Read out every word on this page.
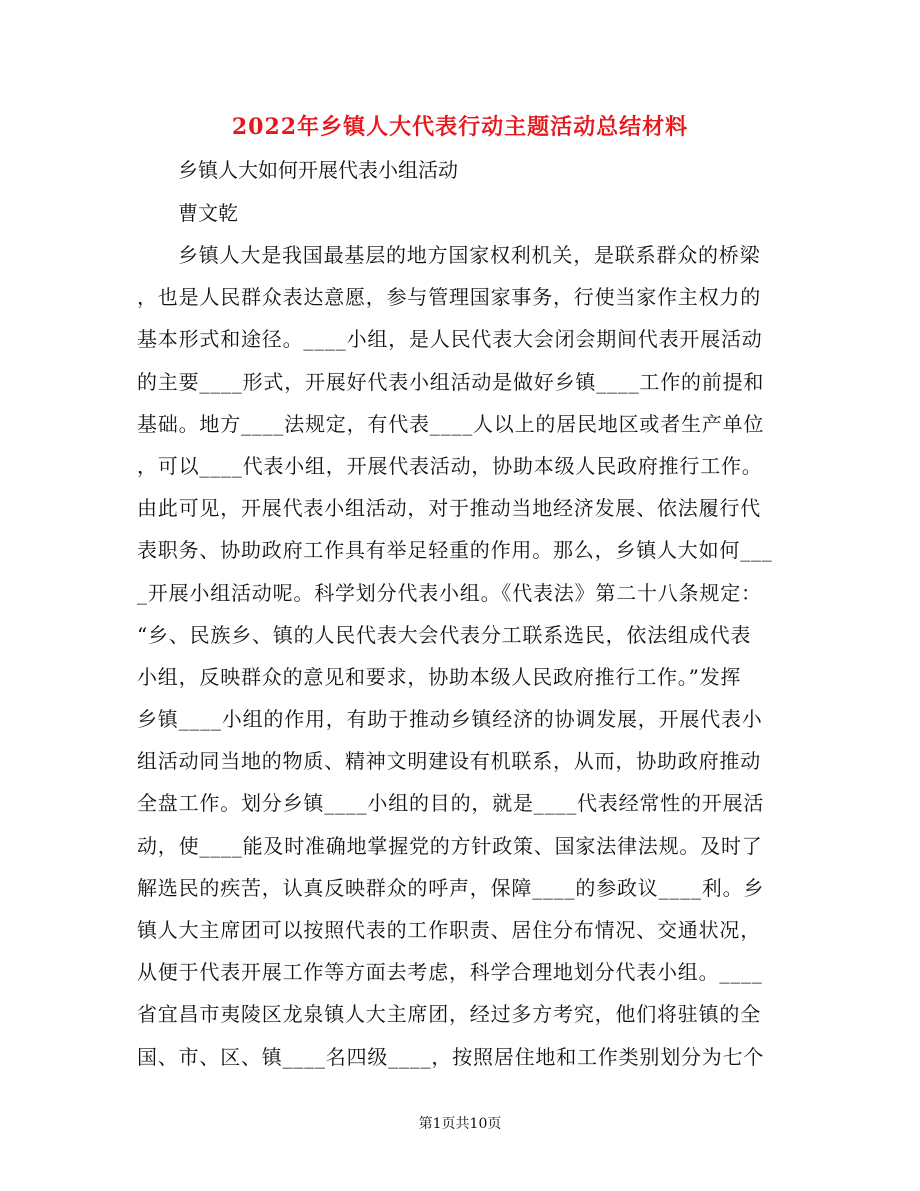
2022年乡镇人大代表行动主题活动总结材料
乡镇人大如何开展代表小组活动
曹文乾
乡镇人大是我国最基层的地方国家权利机关，是联系群众的桥梁
，也是人民群众表达意愿，参与管理国家事务，行使当家作主权力的
基本形式和途径。____小组，是人民代表大会闭会期间代表开展活动
的主要____形式，开展好代表小组活动是做好乡镇____工作的前提和
基础。地方____法规定，有代表____人以上的居民地区或者生产单位
，可以____代表小组，开展代表活动，协助本级人民政府推行工作。
由此可见，开展代表小组活动，对于推动当地经济发展、依法履行代
表职务、协助政府工作具有举足轻重的作用。那么，乡镇人大如何___
_开展小组活动呢。科学划分代表小组。《代表法》第二十八条规定：
“乡、民族乡、镇的人民代表大会代表分工联系选民，依法组成代表
小组，反映群众的意见和要求，协助本级人民政府推行工作。”发挥
乡镇____小组的作用，有助于推动乡镇经济的协调发展，开展代表小
组活动同当地的物质、精神文明建设有机联系，从而，协助政府推动
全盘工作。划分乡镇____小组的目的，就是____代表经常性的开展活
动，使____能及时准确地掌握党的方针政策、国家法律法规。及时了
解选民的疾苦，认真反映群众的呼声，保障____的参政议____利。乡
镇人大主席团可以按照代表的工作职责、居住分布情况、交通状况，
从便于代表开展工作等方面去考虑，科学合理地划分代表小组。____
省宜昌市夷陵区龙泉镇人大主席团，经过多方考究，他们将驻镇的全
国、市、区、镇____名四级____，按照居住地和工作类别划分为七个
第1页共10页
